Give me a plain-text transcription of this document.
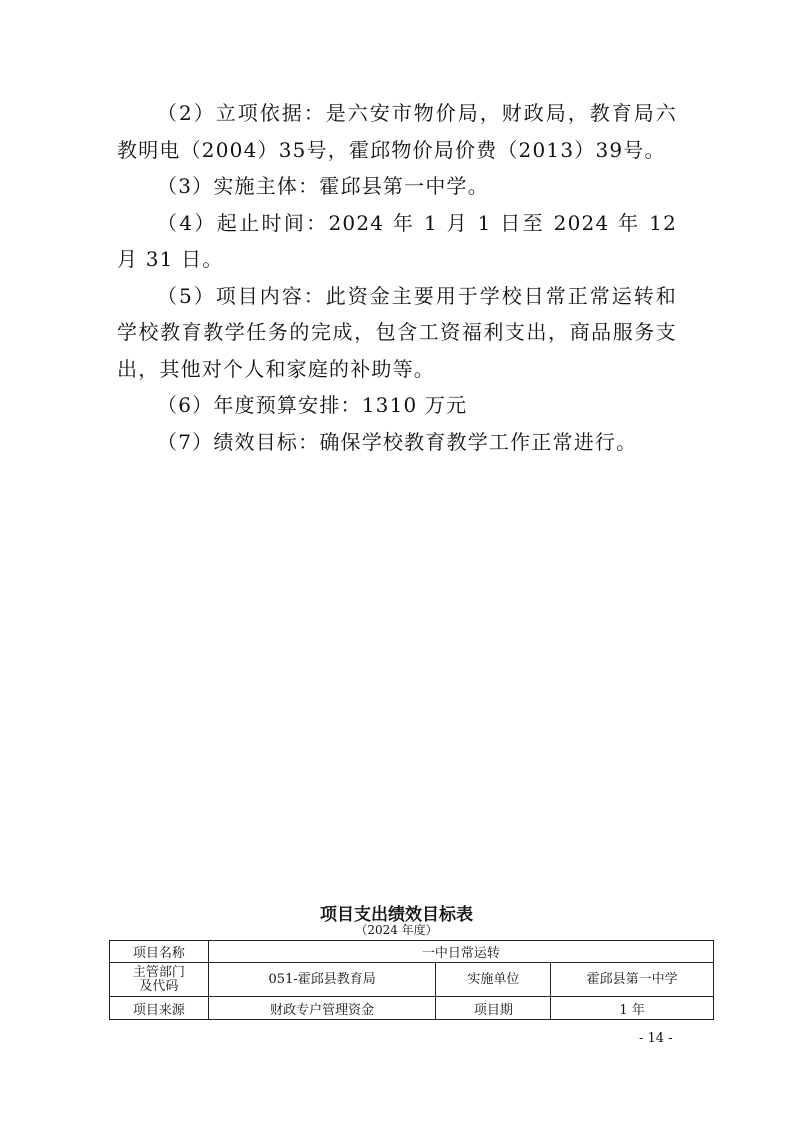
（2）立项依据：是六安市物价局，财政局，教育局六教明电（2004）35号，霍邱物价局价费（2013）39号。

（3）实施主体：霍邱县第一中学。

（4）起止时间：2024 年 1 月 1 日至 2024 年 12 月 31 日。

（5）项目内容：此资金主要用于学校日常正常运转和学校教育教学任务的完成，包含工资福利支出，商品服务支出，其他对个人和家庭的补助等。

（6）年度预算安排：1310 万元

（7）绩效目标：确保学校教育教学工作正常进行。

项目支出绩效目标表
（2024 年度）
项目名称	一中日常运转		
主管部门
及代码	051-霍邱县教育局	实施单位	霍邱县第一中学
项目来源	财政专户管理资金	项目期	1 年
- 14 -
